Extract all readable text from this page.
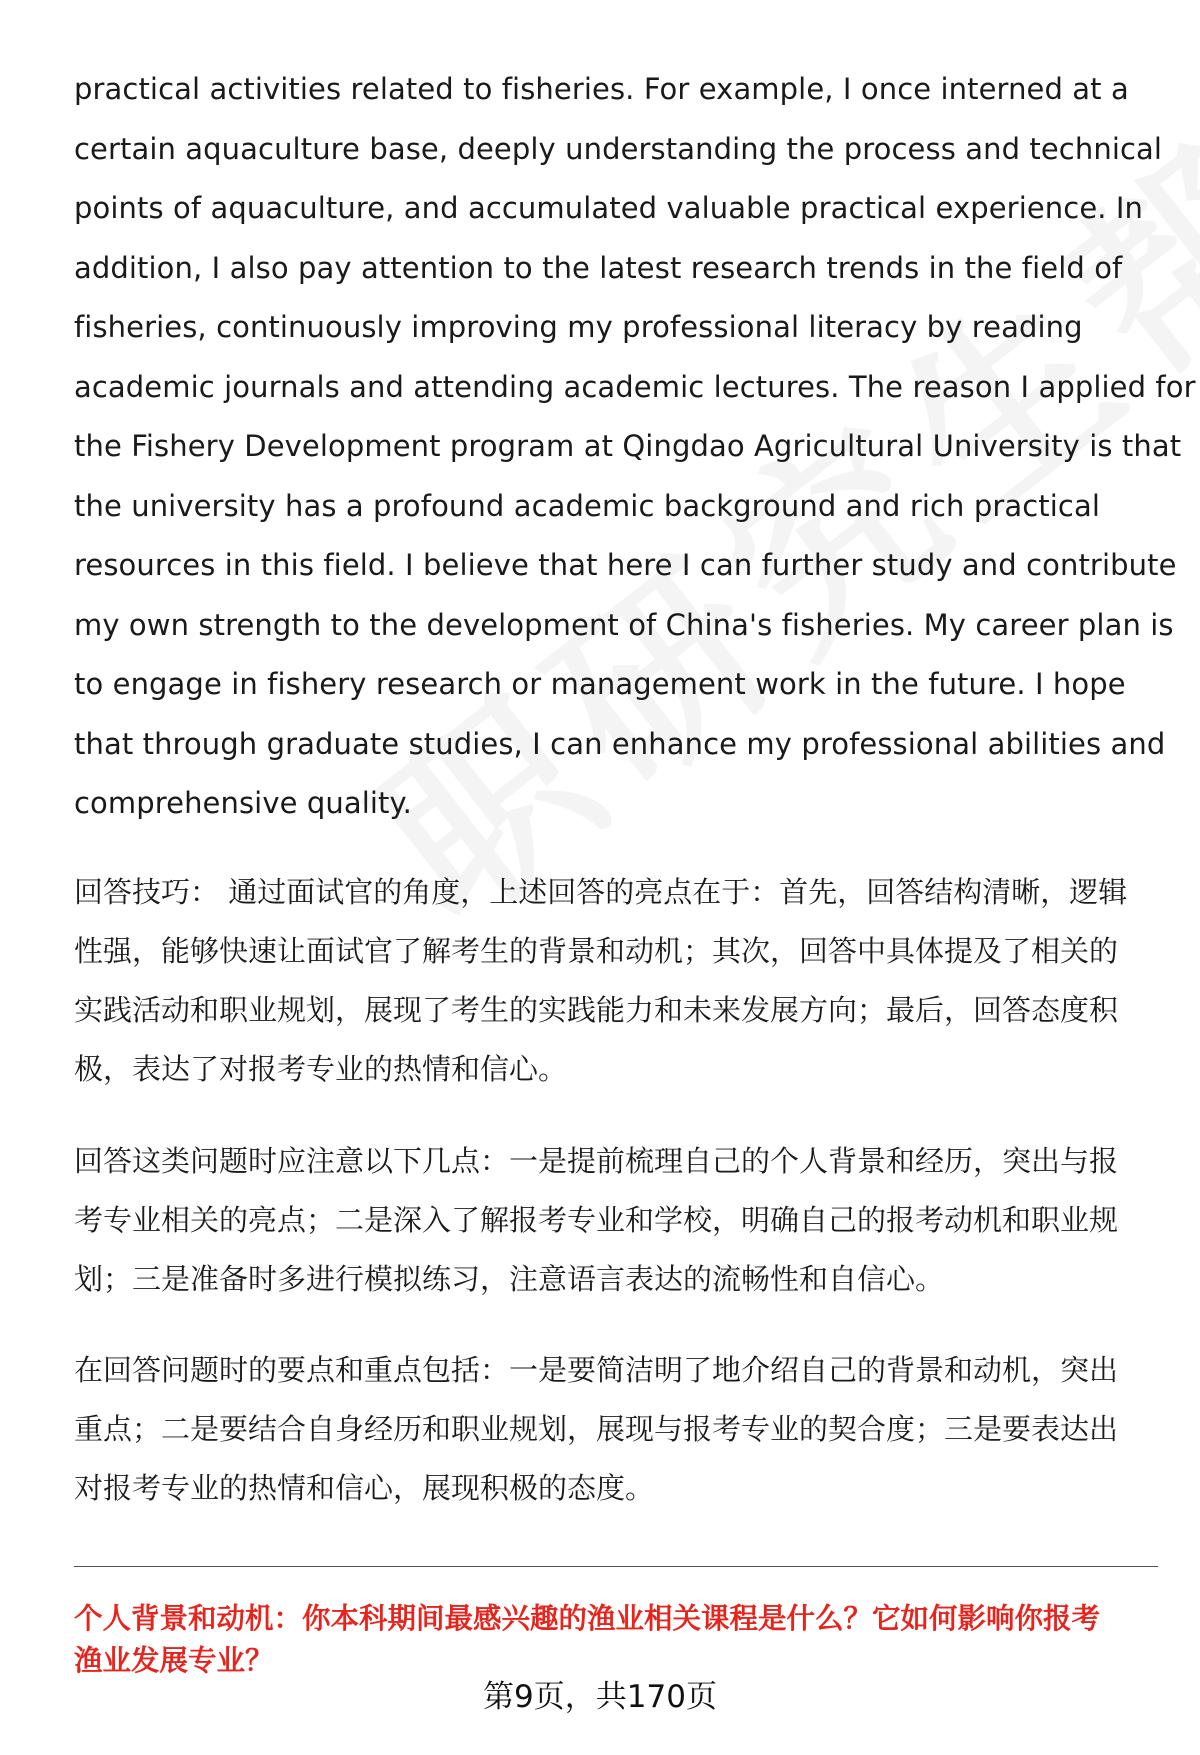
practical activities related to fisheries. For example, I once interned at a
certain aquaculture base, deeply understanding the process and technical
points of aquaculture, and accumulated valuable practical experience. In
addition, I also pay attention to the latest research trends in the field of
fisheries, continuously improving my professional literacy by reading
academic journals and attending academic lectures. The reason I applied for
the Fishery Development program at Qingdao Agricultural University is that
the university has a profound academic background and rich practical
resources in this field. I believe that here I can further study and contribute
my own strength to the development of China's fisheries. My career plan is
to engage in fishery research or management work in the future. I hope
that through graduate studies, I can enhance my professional abilities and
comprehensive quality.
回答技巧： 通过面试官的角度，上述回答的亮点在于：首先，回答结构清晰，逻辑
性强，能够快速让面试官了解考生的背景和动机；其次，回答中具体提及了相关的
实践活动和职业规划，展现了考生的实践能力和未来发展方向；最后，回答态度积
极，表达了对报考专业的热情和信心。
回答这类问题时应注意以下几点：一是提前梳理自己的个人背景和经历，突出与报
考专业相关的亮点；二是深入了解报考专业和学校，明确自己的报考动机和职业规
划；三是准备时多进行模拟练习，注意语言表达的流畅性和自信心。
在回答问题时的要点和重点包括：一是要简洁明了地介绍自己的背景和动机，突出
重点；二是要结合自身经历和职业规划，展现与报考专业的契合度；三是要表达出
对报考专业的热情和信心，展现积极的态度。
个人背景和动机：你本科期间最感兴趣的渔业相关课程是什么？它如何影响你报考
渔业发展专业？
第9页，共170页
